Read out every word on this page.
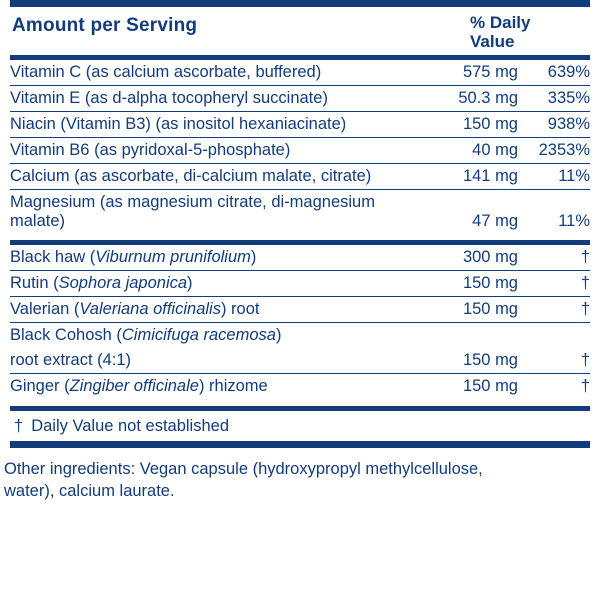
Amount per Serving	% Daily
Value
Vitamin C (as calcium ascorbate, buffered)	575 mg	639%
Vitamin E (as d-alpha tocopheryl succinate)	50.3 mg	335%
Niacin (Vitamin B3) (as inositol hexaniacinate)	150 mg	938%
Vitamin B6 (as pyridoxal-5-phosphate)	40 mg	2353%
Calcium (as ascorbate, di-calcium malate, citrate)	141 mg	11%
Magnesium (as magnesium citrate, di-magnesium malate)	47 mg	11%
Black haw (Viburnum prunifolium)	300 mg	†
Rutin (Sophora japonica)	150 mg	†
Valerian (Valeriana officinalis) root	150 mg	†
Black Cohosh (Cimicifuga racemosa)		
root extract (4:1)	150 mg	†
Ginger (Zingiber officinale) rhizome	150 mg	†
† Daily Value not established
Other ingredients: Vegan capsule (hydroxypropyl methylcellulose,
water), calcium laurate.
